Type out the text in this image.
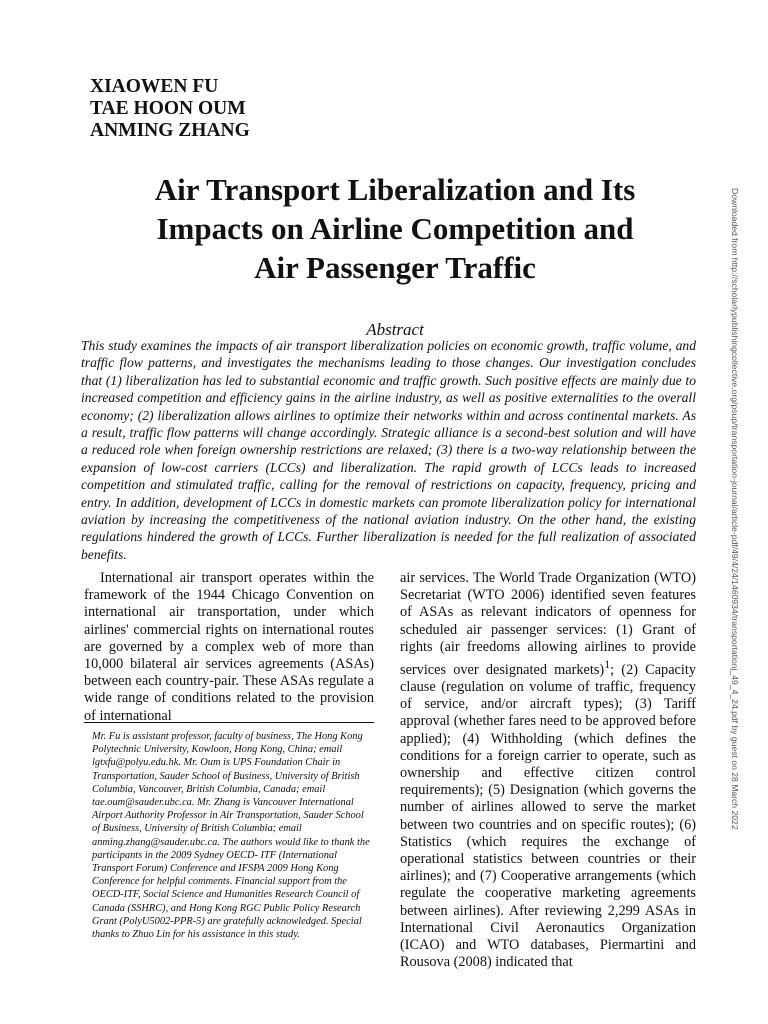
XIAOWEN FU
TAE HOON OUM
ANMING ZHANG
Air Transport Liberalization and Its
Impacts on Airline Competition and
Air Passenger Traffic
Abstract
This study examines the impacts of air transport liberalization policies on economic growth, traffic volume, and traffic flow patterns, and investigates the mechanisms leading to those changes. Our investigation concludes that (1) liberalization has led to substantial economic and traffic growth. Such positive effects are mainly due to increased competition and efficiency gains in the airline industry, as well as positive externalities to the overall economy; (2) liberalization allows airlines to optimize their networks within and across continental markets. As a result, traffic flow patterns will change accordingly. Strategic alliance is a second-best solution and will have a reduced role when foreign ownership restrictions are relaxed; (3) there is a two-way relationship between the expansion of low-cost carriers (LCCs) and liberalization. The rapid growth of LCCs leads to increased competition and stimulated traffic, calling for the removal of restrictions on capacity, frequency, pricing and entry. In addition, development of LCCs in domestic markets can promote liberalization policy for international aviation by increasing the competitiveness of the national aviation industry. On the other hand, the existing regulations hindered the growth of LCCs. Further liberalization is needed for the full realization of associated benefits.

International air transport operates within the framework of the 1944 Chicago Convention on international air transportation, under which airlines' commercial rights on international routes are governed by a complex web of more than 10,000 bilateral air services agreements (ASAs) between each country-pair. These ASAs regulate a wide range of conditions related to the provision of international

Mr. Fu is assistant professor, faculty of business, The Hong Kong Polytechnic University, Kowloon, Hong Kong, China; email lgtxfu@polyu.edu.hk. Mr. Oum is UPS Foundation Chair in Transportation, Sauder School of Business, University of British Columbia, Vancouver, British Columbia, Canada; email tae.oum@sauder.ubc.ca. Mr. Zhang is Vancouver International Airport Authority Professor in Air Transportation, Sauder School of Business, University of British Columbia; email anming.zhang@sauder.ubc.ca. The authors would like to thank the participants in the 2009 Sydney OECD- ITF (International Transport Forum) Conference and IFSPA 2009 Hong Kong Conference for helpful comments. Financial support from the OECD-ITF, Social Science and Humanities Research Council of Canada (SSHRC), and Hong Kong RGC Public Policy Research Grant (PolyU5002-PPR-5) are gratefully acknowledged. Special thanks to Zhuo Lin for his assistance in this study.

air services. The World Trade Organization (WTO) Secretariat (WTO 2006) identified seven features of ASAs as relevant indicators of openness for scheduled air passenger services: (1) Grant of rights (air freedoms allowing airlines to provide services over designated markets)$^1$; (2) Capacity clause (regulation on volume of traffic, frequency of service, and/or aircraft types); (3) Tariff approval (whether fares need to be approved before applied); (4) Withholding (which defines the conditions for a foreign carrier to operate, such as ownership and effective citizen control requirements); (5) Designation (which governs the number of airlines allowed to serve the market between two countries and on specific routes); (6) Statistics (which requires the exchange of operational statistics between countries or their airlines); and (7) Cooperative arrangements (which regulate the cooperative marketing agreements between airlines). After reviewing 2,299 ASAs in International Civil Aeronautics Organization (ICAO) and WTO databases, Piermartini and Rousova (2008) indicated that

Downloaded from http://scholarlypublishingcollective.org/psup/transportation-journal/article-pdf/49/4/24/1460934/transportationj_49_4_24.pdf by guest on 28 March 2022
